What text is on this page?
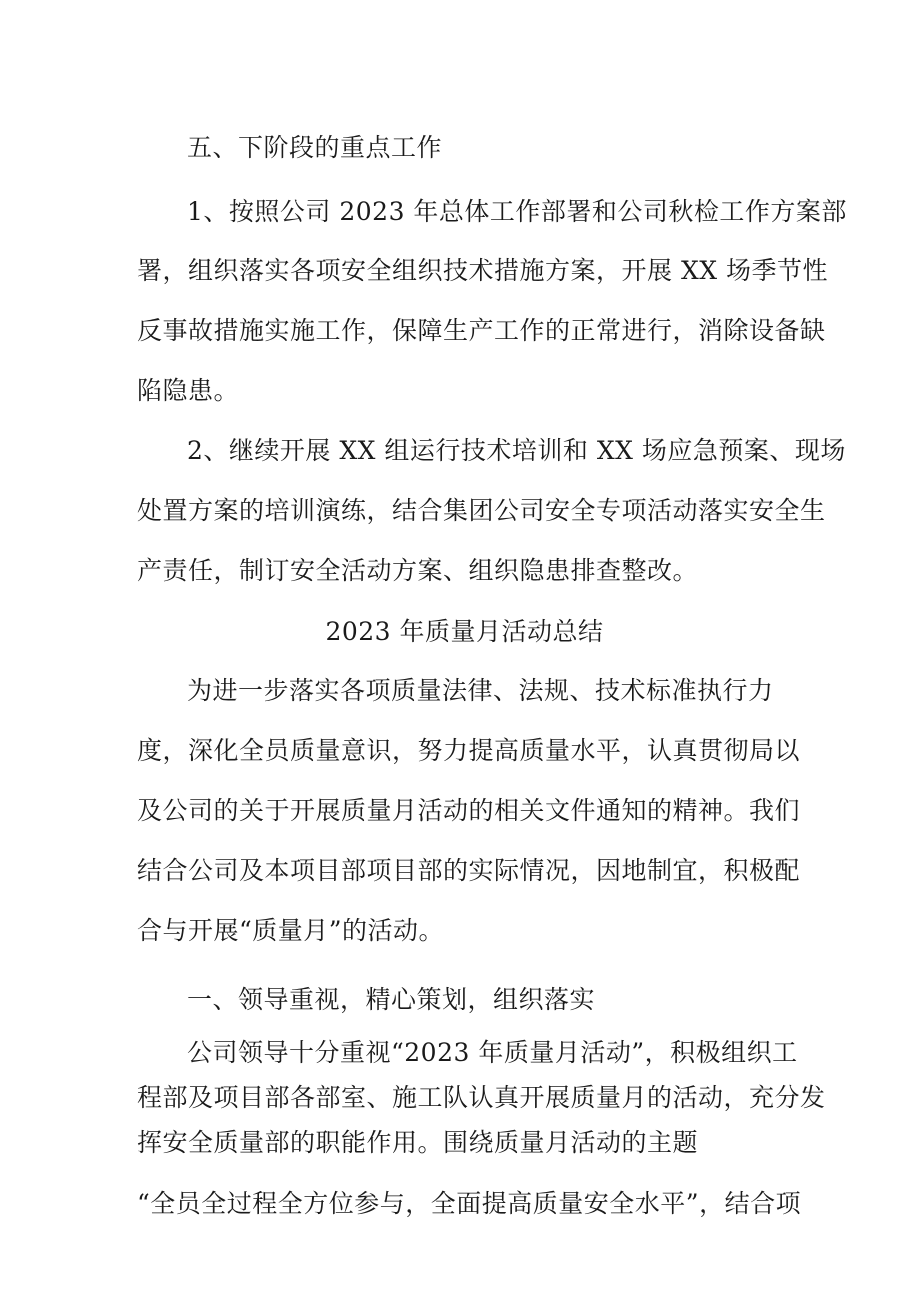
五、下阶段的重点工作

1、按照公司 2023 年总体工作部署和公司秋检工作方案部

署，组织落实各项安全组织技术措施方案，开展 XX 场季节性

反事故措施实施工作，保障生产工作的正常进行，消除设备缺

陷隐患。

2、继续开展 XX 组运行技术培训和 XX 场应急预案、现场

处置方案的培训演练，结合集团公司安全专项活动落实安全生

产责任，制订安全活动方案、组织隐患排查整改。

2023 年质量月活动总结

为进一步落实各项质量法律、法规、技术标准执行力

度，深化全员质量意识，努力提高质量水平，认真贯彻局以

及公司的关于开展质量月活动的相关文件通知的精神。我们

结合公司及本项目部项目部的实际情况，因地制宜，积极配

合与开展“质量月”的活动。

一、领导重视，精心策划，组织落实

公司领导十分重视“2023 年质量月活动”，积极组织工

程部及项目部各部室、施工队认真开展质量月的活动，充分发

挥安全质量部的职能作用。围绕质量月活动的主题

“全员全过程全方位参与，全面提高质量安全水平”，结合项
